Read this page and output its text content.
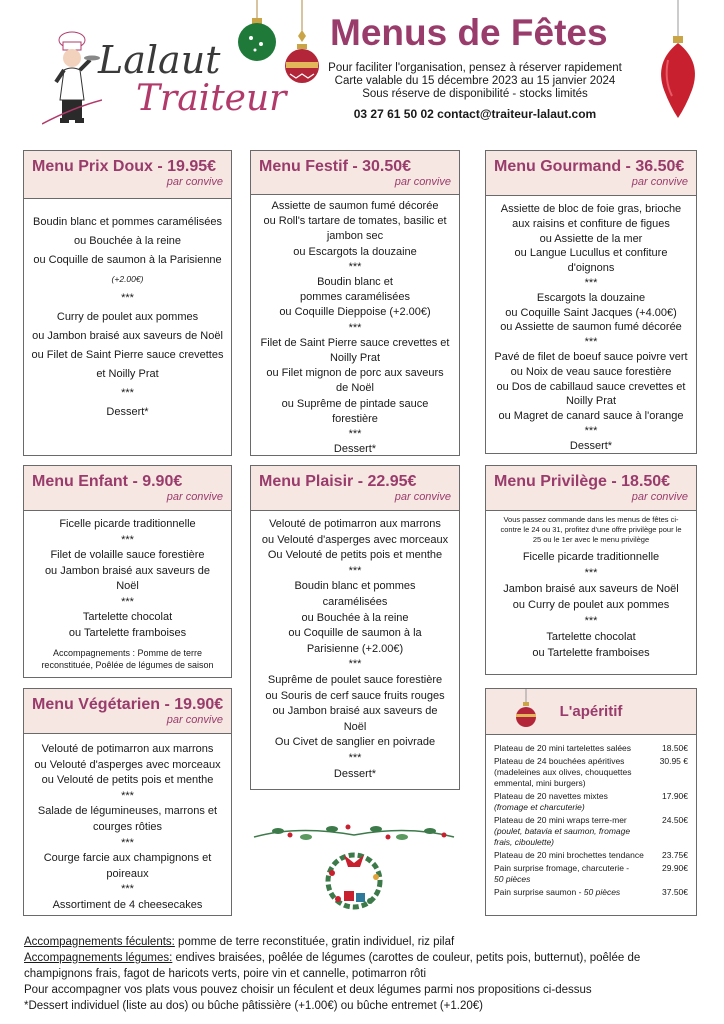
Lalaut
Traiteur
Menus de Fêtes
Pour faciliter l'organisation, pensez à réserver rapidement
Carte valable du 15 décembre 2023 au 15 janvier 2024
Sous réserve de disponibilité - stocks limités
03 27 61 50 02 contact@traiteur-lalaut.com
Menu Prix Doux - 19.95€
par convive
Boudin blanc et pommes caramélisées
ou Bouchée à la reine
ou Coquille de saumon à la Parisienne
(+2.00€)
***
Curry de poulet aux pommes
ou Jambon braisé aux saveurs de Noël
ou Filet de Saint Pierre sauce crevettes
et Noilly Prat
***
Dessert*
Menu Festif - 30.50€
par convive
Assiette de saumon fumé décorée
ou Roll's tartare de tomates, basilic et
jambon sec
ou Escargots la douzaine
***
Boudin blanc et
pommes caramélisées
ou Coquille Dieppoise (+2.00€)
***
Filet de Saint Pierre sauce crevettes et
Noilly Prat
ou Filet mignon de porc aux saveurs
de Noël
ou Suprême de pintade sauce
forestière
***
Dessert*
Menu Gourmand - 36.50€
par convive
Assiette de bloc de foie gras, brioche
aux raisins et confiture de figues
ou Assiette de la mer
ou Langue Lucullus et confiture
d'oignons
***
Escargots la douzaine
ou Coquille Saint Jacques (+4.00€)
ou Assiette de saumon fumé décorée
***
Pavé de filet de boeuf sauce poivre vert
ou Noix de veau sauce forestière
ou Dos de cabillaud sauce crevettes et
Noilly Prat
ou Magret de canard sauce à l'orange
***
Dessert*
Menu Enfant - 9.90€
par convive
Ficelle picarde traditionnelle
***
Filet de volaille sauce forestière
ou Jambon braisé aux saveurs de
Noël
***
Tartelette chocolat
ou Tartelette framboises
Accompagnements : Pomme de terre
reconstituée, Poêlée de légumes de saison
Menu Plaisir - 22.95€
par convive
Velouté de potimarron aux marrons
ou Velouté d'asperges avec morceaux
Ou Velouté de petits pois et menthe
***
Boudin blanc et pommes
caramélisées
ou Bouchée à la reine
ou Coquille de saumon à la
Parisienne (+2.00€)
***
Suprême de poulet sauce forestière
ou Souris de cerf sauce fruits rouges
ou Jambon braisé aux saveurs de
Noël
Ou Civet de sanglier en poivrade
***
Dessert*
Menu Privilège - 18.50€
par convive
Vous passez commande dans les menus de fêtes ci-
contre le 24 ou 31, profitez d'une offre privilège pour le
25 ou le 1er avec le menu privilège
Ficelle picarde traditionnelle
***
Jambon braisé aux saveurs de Noël
ou Curry de poulet aux pommes
***
Tartelette chocolat
ou Tartelette framboises
Menu Végétarien - 19.90€
par convive
Velouté de potimarron aux marrons
ou Velouté d'asperges avec morceaux
ou Velouté de petits pois et menthe
***
Salade de légumineuses, marrons et
courges rôties
***
Courge farcie aux champignons et
poireaux
***
Assortiment de 4 cheesecakes
L'apéritif
Plateau de 20 mini tartelettes salées	18.50€
Plateau de 24 bouchées apéritives (madeleines aux olives, chouquettes emmental, mini burgers)
30.95 €
Plateau de 20 navettes mixtes
(fromage et charcuterie)
17.90€
Plateau de 20 mini wraps terre-mer
(poulet, batavia et saumon, fromage frais, ciboulette)
24.50€
Plateau de 20 mini brochettes tendance	23.75€
Pain surprise fromage, charcuterie -
50 pièces
29.90€
Pain surprise saumon - 50 pièces	37.50€
Accompagnements féculents: pomme de terre reconstituée, gratin individuel, riz pilaf
Accompagnements légumes: endives braisées, poêlée de légumes (carottes de couleur, petits pois, butternut), poêlée de champignons frais, fagot de haricots verts, poire vin et cannelle, potimarron rôti
Pour accompagner vos plats vous pouvez choisir un féculent et deux légumes parmi nos propositions ci-dessus
*Dessert individuel (liste au dos) ou bûche pâtissière (+1.00€) ou bûche entremet (+1.20€)
